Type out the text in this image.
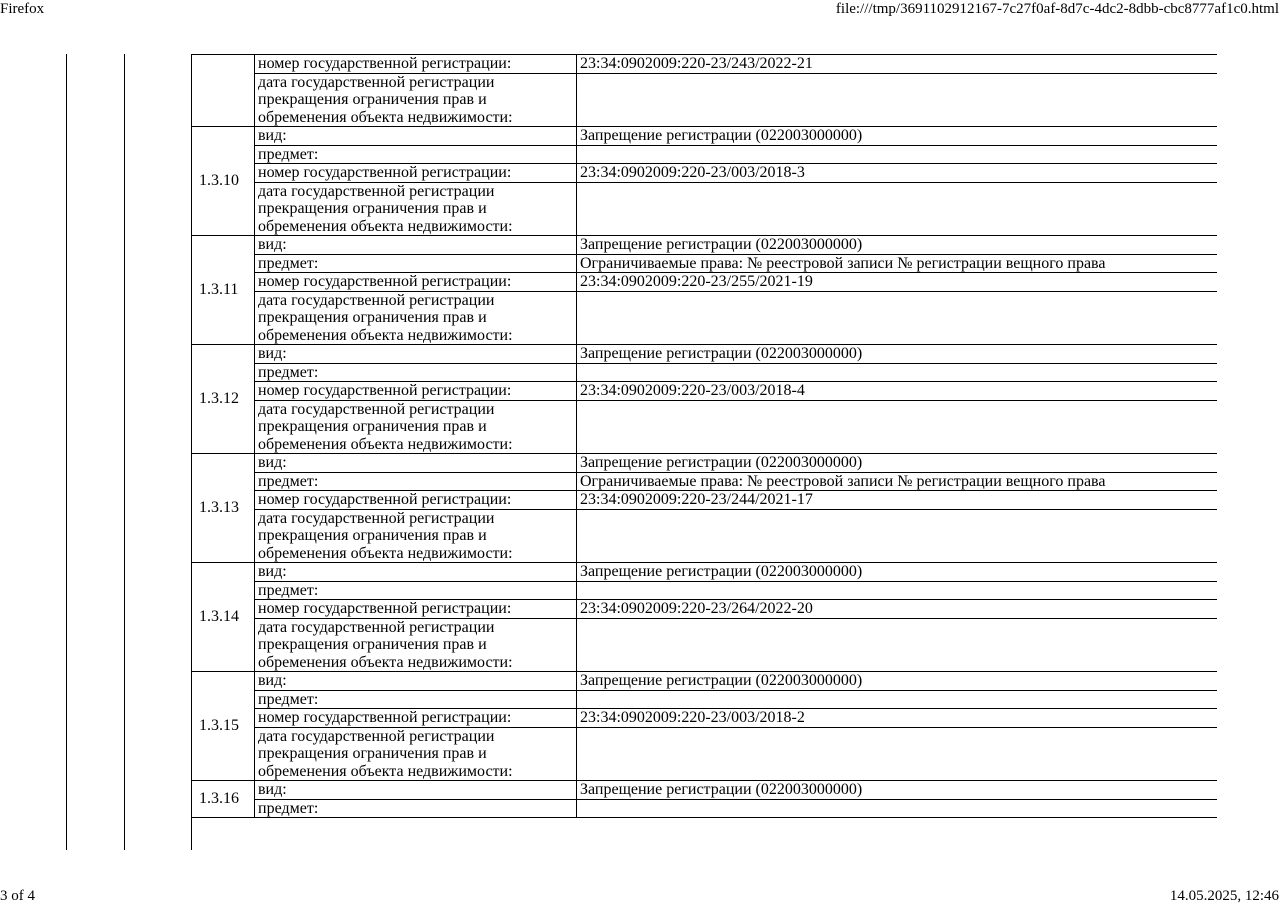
Firefox	file:///tmp/3691102912167-7c27f0af-8d7c-4dc2-8dbb-cbc8777af1c0.html
	номер государственной регистрации:	23:34:0902009:220-23/243/2022-21
	дата государственной регистрации прекращения ограничения прав и обременения объекта недвижимости:	
1.3.10	вид:	Запрещение регистрации (022003000000)
	предмет:	
	номер государственной регистрации:	23:34:0902009:220-23/003/2018-3
	дата государственной регистрации прекращения ограничения прав и обременения объекта недвижимости:	
1.3.11	вид:	Запрещение регистрации (022003000000)
	предмет:	Ограничиваемые права: № реестровой записи № регистрации вещного права
	номер государственной регистрации:	23:34:0902009:220-23/255/2021-19
	дата государственной регистрации прекращения ограничения прав и обременения объекта недвижимости:	
1.3.12	вид:	Запрещение регистрации (022003000000)
	предмет:	
	номер государственной регистрации:	23:34:0902009:220-23/003/2018-4
	дата государственной регистрации прекращения ограничения прав и обременения объекта недвижимости:	
1.3.13	вид:	Запрещение регистрации (022003000000)
	предмет:	Ограничиваемые права: № реестровой записи № регистрации вещного права
	номер государственной регистрации:	23:34:0902009:220-23/244/2021-17
	дата государственной регистрации прекращения ограничения прав и обременения объекта недвижимости:	
1.3.14	вид:	Запрещение регистрации (022003000000)
	предмет:	
	номер государственной регистрации:	23:34:0902009:220-23/264/2022-20
	дата государственной регистрации прекращения ограничения прав и обременения объекта недвижимости:	
1.3.15	вид:	Запрещение регистрации (022003000000)
	предмет:	
	номер государственной регистрации:	23:34:0902009:220-23/003/2018-2
	дата государственной регистрации прекращения ограничения прав и обременения объекта недвижимости:	
1.3.16	вид:	Запрещение регистрации (022003000000)
	предмет:	
3 of 4	14.05.2025, 12:46
